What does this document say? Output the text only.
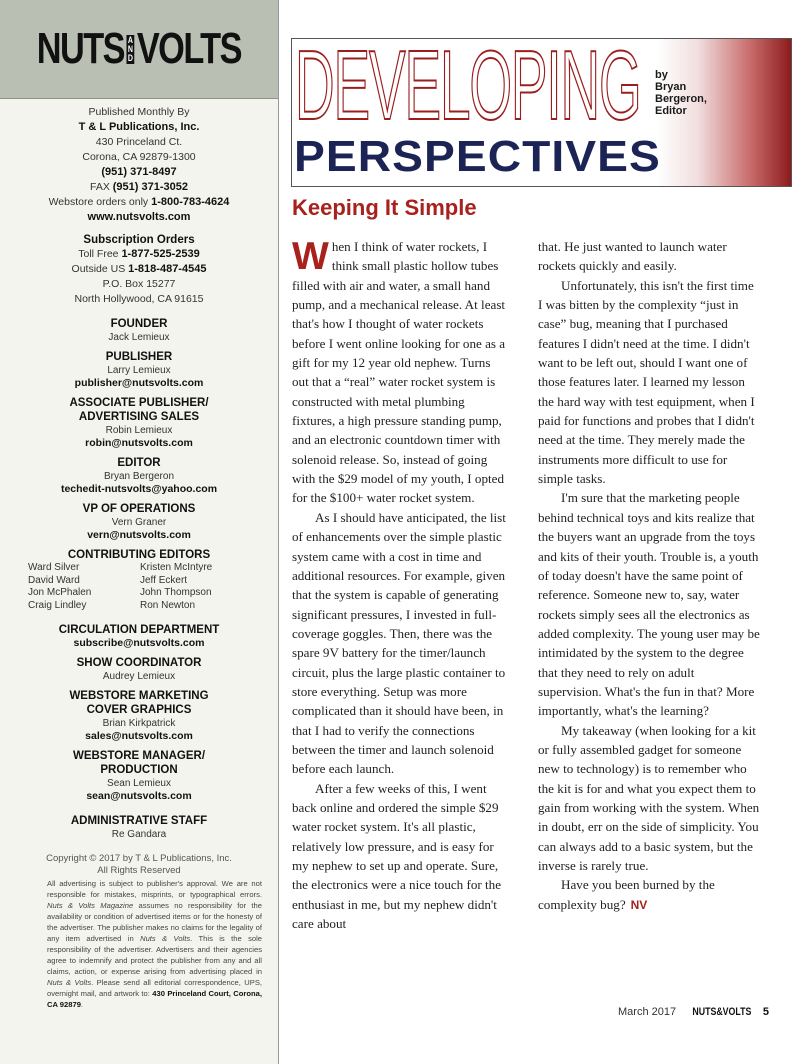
NUTS A
N
D VOLTS
Published Monthly By
T & L Publications, Inc.
430 Princeland Ct.
Corona, CA 92879-1300
(951) 371-8497
FAX (951) 371-3052
Webstore orders only 1-800-783-4624
www.nutsvolts.com
Subscription Orders
Toll Free 1-877-525-2539
Outside US 1-818-487-4545
P.O. Box 15277
North Hollywood, CA 91615
FOUNDER
Jack Lemieux
PUBLISHER
Larry Lemieux
publisher@nutsvolts.com
ASSOCIATE PUBLISHER/
ADVERTISING SALES
Robin Lemieux
robin@nutsvolts.com
EDITOR
Bryan Bergeron
techedit-nutsvolts@yahoo.com
VP OF OPERATIONS
Vern Graner
vern@nutsvolts.com
CONTRIBUTING EDITORS
Ward Silver	Kristen McIntyre
David Ward	Jeff Eckert
Jon McPhalen	John Thompson
Craig Lindley	Ron Newton
CIRCULATION DEPARTMENT
subscribe@nutsvolts.com
SHOW COORDINATOR
Audrey Lemieux
WEBSTORE MARKETING
COVER GRAPHICS
Brian Kirkpatrick
sales@nutsvolts.com
WEBSTORE MANAGER/
PRODUCTION
Sean Lemieux
sean@nutsvolts.com
ADMINISTRATIVE STAFF
Re Gandara
Copyright © 2017 by T & L Publications, Inc.
All Rights Reserved
All advertising is subject to publisher's approval. We are not responsible for mistakes, misprints, or typographical errors. Nuts & Volts Magazine assumes no responsibility for the availability or condition of advertised items or for the honesty of the advertiser. The publisher makes no claims for the legality of any item advertised in Nuts & Volts. This is the sole responsibility of the advertiser. Advertisers and their agencies agree to indemnify and protect the publisher from any and all claims, action, or expense arising from advertising placed in Nuts & Volts. Please send all editorial correspondence, UPS, overnight mail, and artwork to: 430 Princeland Court, Corona, CA 92879.
DEVELOPING
PERSPECTIVES
by
Bryan
Bergeron,
Editor
Keeping It Simple

When I think of water rockets, I think small plastic hollow tubes filled with air and water, a small hand pump, and a mechanical release. At least that's how I thought of water rockets before I went online looking for one as a gift for my 12 year old nephew. Turns out that a “real” water rocket system is constructed with metal plumbing fixtures, a high pressure standing pump, and an electronic countdown timer with solenoid release. So, instead of going with the $29 model of my youth, I opted for the $100+ water rocket system.

As I should have anticipated, the list of enhancements over the simple plastic system came with a cost in time and additional resources. For example, given that the system is capable of generating significant pressures, I invested in full-coverage goggles. Then, there was the spare 9V battery for the timer/launch circuit, plus the large plastic container to store everything. Setup was more complicated than it should have been, in that I had to verify the connections between the timer and launch solenoid before each launch.

After a few weeks of this, I went back online and ordered the simple $29 water rocket system. It's all plastic, relatively low pressure, and is easy for my nephew to set up and operate. Sure, the electronics were a nice touch for the enthusiast in me, but my nephew didn't care about

that. He just wanted to launch water rockets quickly and easily.

Unfortunately, this isn't the first time I was bitten by the complexity “just in case” bug, meaning that I purchased features I didn't need at the time. I didn't want to be left out, should I want one of those features later. I learned my lesson the hard way with test equipment, when I paid for functions and probes that I didn't need at the time. They merely made the instruments more difficult to use for simple tasks.

I'm sure that the marketing people behind technical toys and kits realize that the buyers want an upgrade from the toys and kits of their youth. Trouble is, a youth of today doesn't have the same point of reference. Someone new to, say, water rockets simply sees all the electronics as added complexity. The young user may be intimidated by the system to the degree that they need to rely on adult supervision. What's the fun in that? More importantly, what's the learning?

My takeaway (when looking for a kit or fully assembled gadget for someone new to technology) is to remember who the kit is for and what you expect them to gain from working with the system. When in doubt, err on the side of simplicity. You can always add to a basic system, but the inverse is rarely true.

Have you been burned by the complexity bug? NV

March 2017 NUTS&VOLTS 5
